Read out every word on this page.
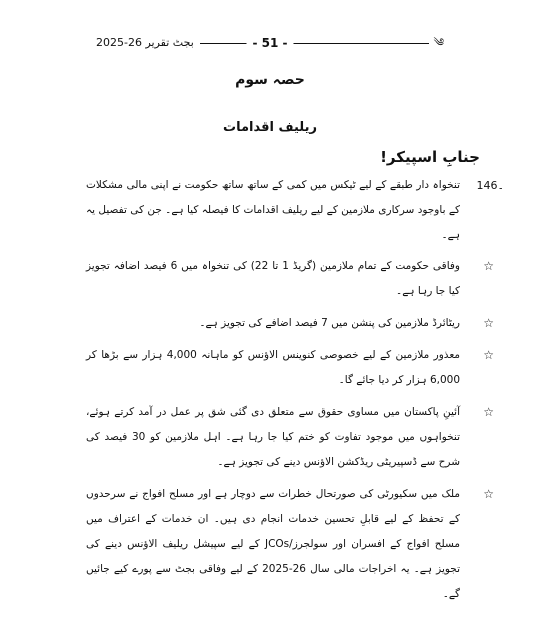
بجٹ تقریر 26-2025	- 51 -	༄
حصہ سوم
ریلیف اقدامات
جنابِ اسپیکر!
146۔
تنخواہ دار طبقے کے لیے ٹیکس میں کمی کے ساتھ ساتھ حکومت نے اپنی مالی مشکلات کے باوجود سرکاری ملازمین کے لیے ریلیف اقدامات کا فیصلہ کیا ہے۔ جن کی تفصیل یہ ہے۔
☆
وفاقی حکومت کے تمام ملازمین (گریڈ 1 تا 22) کی تنخواہ میں 6 فیصد اضافہ تجویز کیا جا رہا ہے۔
☆
ریٹائرڈ ملازمین کی پنشن میں 7 فیصد اضافے کی تجویز ہے۔
☆
معذور ملازمین کے لیے خصوصی کنوینس الاؤنس کو ماہانہ 4,000 ہزار سے بڑھا کر 6,000 ہزار کر دیا جائے گا۔
☆
آئینِ پاکستان میں مساوی حقوق سے متعلق دی گئی شق پر عمل در آمد کرتے ہوئے، تنخواہوں میں موجود تفاوت کو ختم کیا جا رہا ہے۔ اہل ملازمین کو 30 فیصد کی شرح سے ڈسپیریٹی ریڈکشن الاؤنس دینے کی تجویز ہے۔
☆
ملک میں سکیورٹی کی صورتحال خطرات سے دوچار ہے اور مسلح افواج نے سرحدوں کے تحفظ کے لیے قابلِ تحسین خدمات انجام دی ہیں۔ ان خدمات کے اعتراف میں مسلح افواج کے افسران اور سولجرز/JCOs کے لیے سپیشل ریلیف الاؤنس دینے کی تجویز ہے۔ یہ اخراجات مالی سال 26-2025 کے لیے وفاقی بجٹ سے پورے کیے جائیں گے۔
